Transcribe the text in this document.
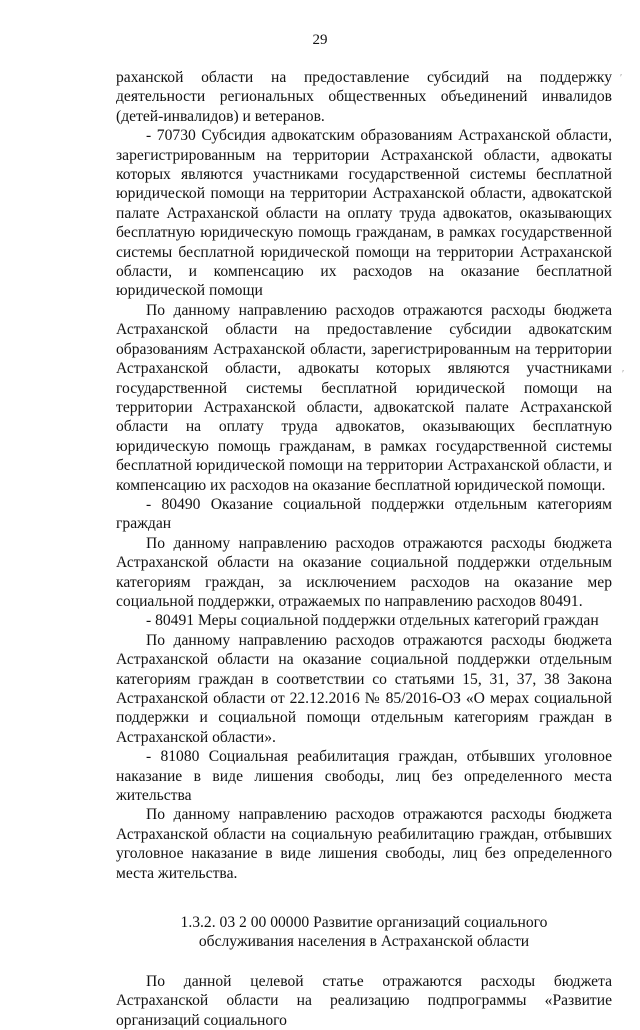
29

раханской области на предоставление субсидий на поддержку деятельности региональных общественных объединений инвалидов (детей-инвалидов) и ветеранов.

- 70730 Субсидия адвокатским образованиям Астраханской области, зарегистрированным на территории Астраханской области, адвокаты которых являются участниками государственной системы бесплатной юридической помощи на территории Астраханской области, адвокатской палате Астраханской области на оплату труда адвокатов, оказывающих бесплатную юридическую помощь гражданам, в рамках государственной системы бесплатной юридической помощи на территории Астраханской области, и компенсацию их расходов на оказание бесплатной юридической помощи

По данному направлению расходов отражаются расходы бюджета Астраханской области на предоставление субсидии адвокатским образованиям Астраханской области, зарегистрированным на территории Астраханской области, адвокаты которых являются участниками государственной системы бесплатной юридической помощи на территории Астраханской области, адвокатской палате Астраханской области на оплату труда адвокатов, оказывающих бесплатную юридическую помощь гражданам, в рамках государственной системы бесплатной юридической помощи на территории Астраханской области, и компенсацию их расходов на оказание бесплатной юридической помощи.

- 80490 Оказание социальной поддержки отдельным категориям граждан

По данному направлению расходов отражаются расходы бюджета Астраханской области на оказание социальной поддержки отдельным категориям граждан, за исключением расходов на оказание мер социальной поддержки, отражаемых по направлению расходов 80491.

- 80491 Меры социальной поддержки отдельных категорий граждан

По данному направлению расходов отражаются расходы бюджета Астраханской области на оказание социальной поддержки отдельным категориям граждан в соответствии со статьями 15, 31, 37, 38 Закона Астраханской области от 22.12.2016 № 85/2016-ОЗ «О мерах социальной поддержки и социальной помощи отдельным категориям граждан в Астраханской области».

- 81080 Социальная реабилитация граждан, отбывших уголовное наказание в виде лишения свободы, лиц без определенного места жительства

По данному направлению расходов отражаются расходы бюджета Астраханской области на социальную реабилитацию граждан, отбывших уголовное наказание в виде лишения свободы, лиц без определенного места жительства.

1.3.2. 03 2 00 00000 Развитие организаций социального
обслуживания населения в Астраханской области

По данной целевой статье отражаются расходы бюджета Астраханской области на реализацию подпрограммы «Развитие организаций социального

ʹ
ʹ
